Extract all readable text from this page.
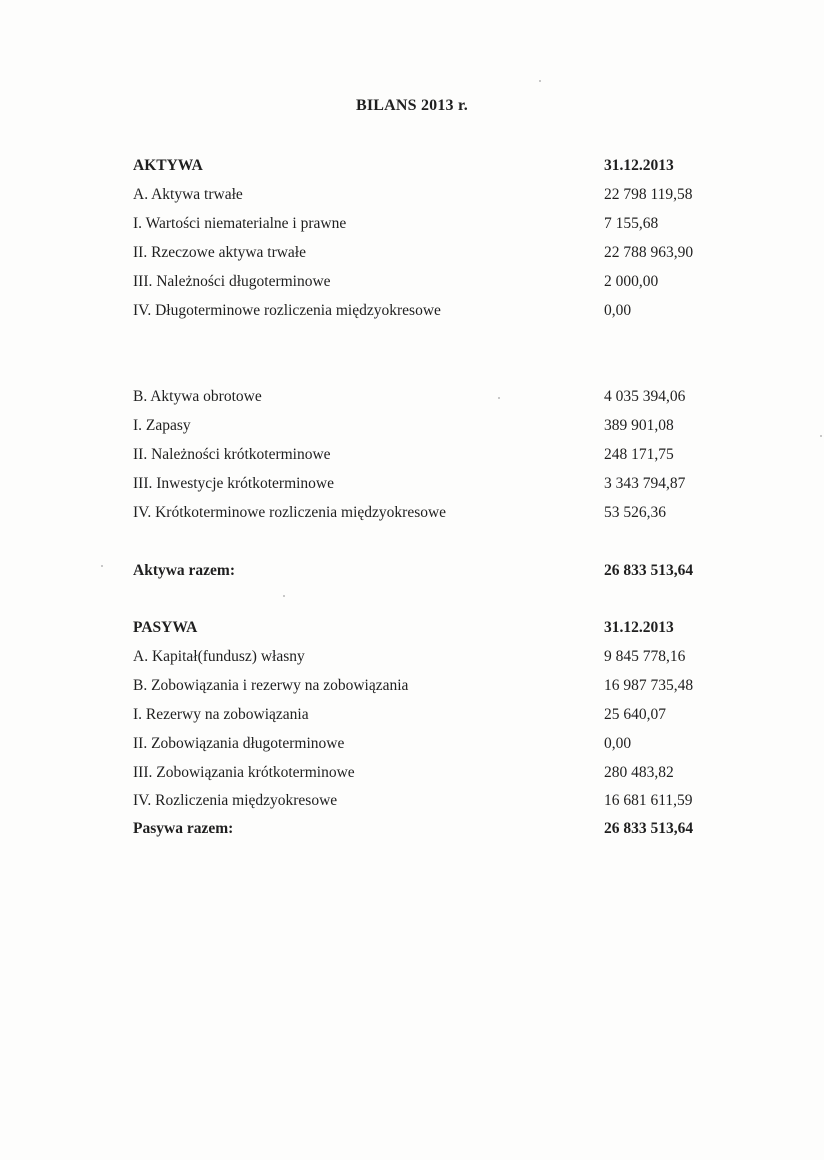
BILANS 2013 r.
AKTYWA	31.12.2013
A. Aktywa trwałe	22 798 119,58
I. Wartości niematerialne i prawne	7 155,68
II. Rzeczowe aktywa trwałe	22 788 963,90
III. Należności długoterminowe	2 000,00
IV. Długoterminowe rozliczenia międzyokresowe	0,00
B. Aktywa obrotowe	4 035 394,06
I. Zapasy	389 901,08
II. Należności krótkoterminowe	248 171,75
III. Inwestycje krótkoterminowe	3 343 794,87
IV. Krótkoterminowe rozliczenia międzyokresowe	53 526,36
Aktywa razem:	26 833 513,64
PASYWA	31.12.2013
A. Kapitał(fundusz) własny	9 845 778,16
B. Zobowiązania i rezerwy na zobowiązania	16 987 735,48
I. Rezerwy na zobowiązania	25 640,07
II. Zobowiązania długoterminowe	0,00
III. Zobowiązania krótkoterminowe	280 483,82
IV. Rozliczenia międzyokresowe	16 681 611,59
Pasywa razem:	26 833 513,64
